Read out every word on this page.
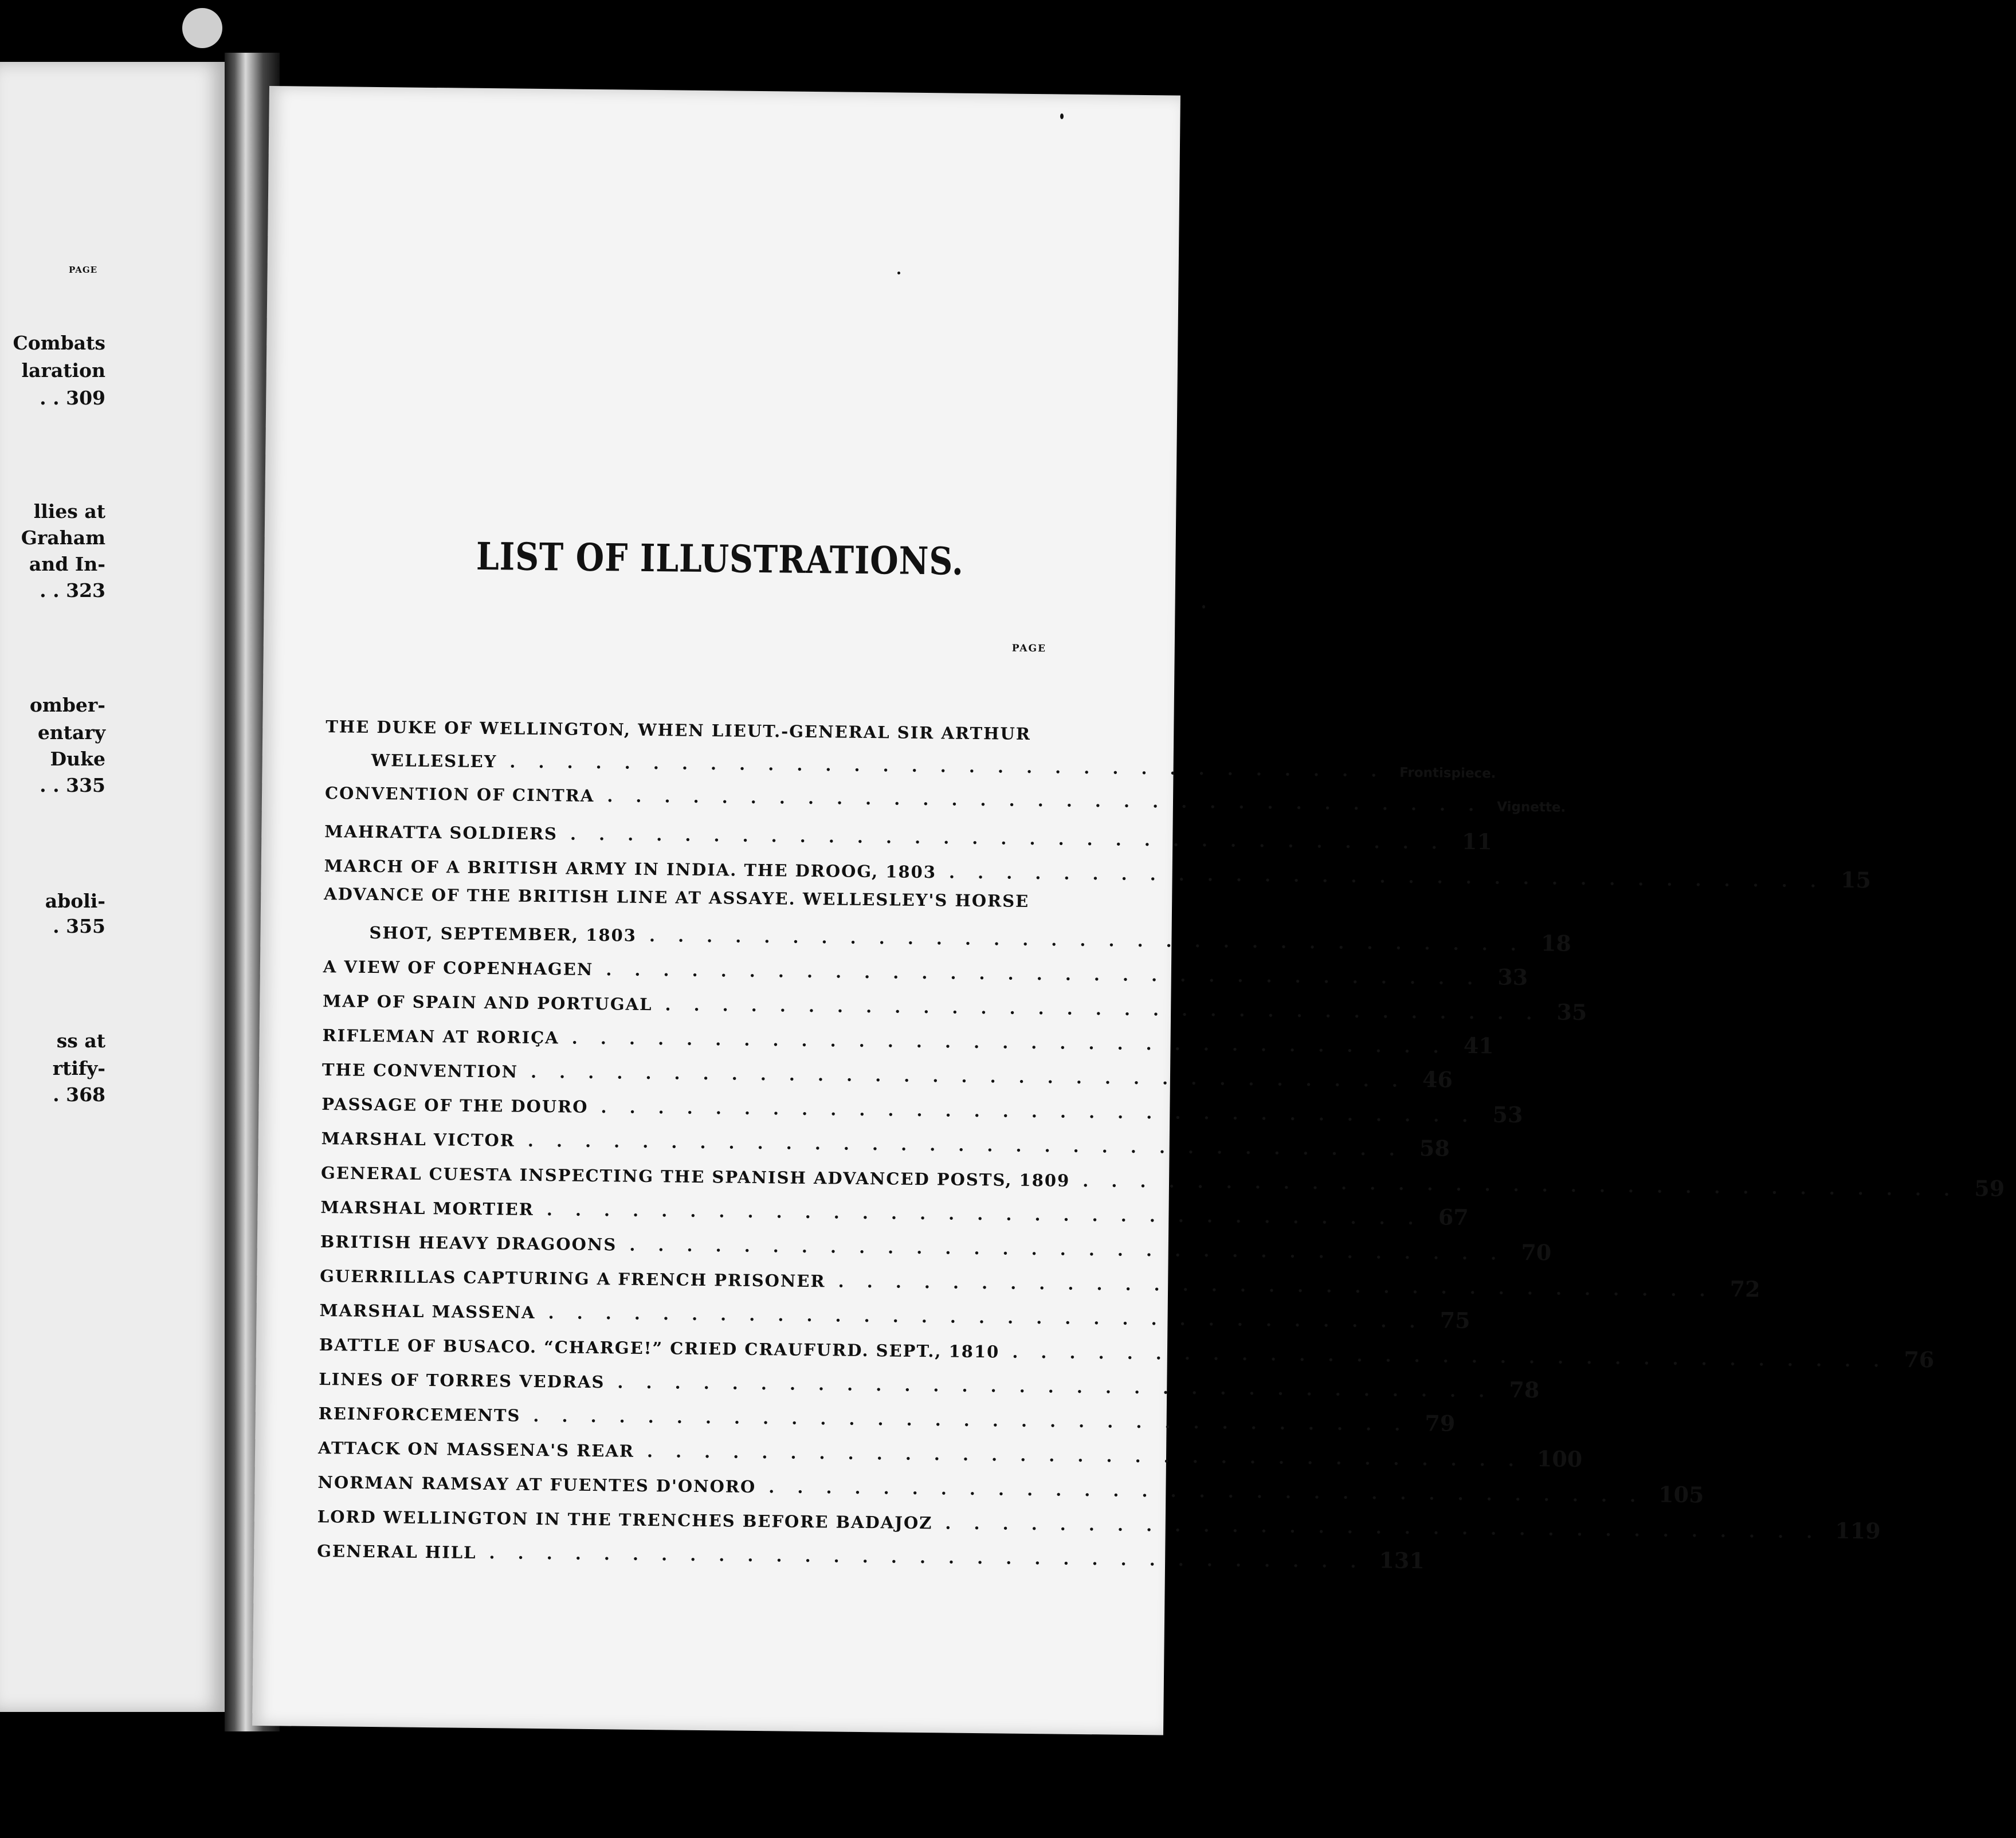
PAGE
Combats
laration
. . 309
llies at
Graham
and In-
. . 323
omber-
entary
Duke
. . 335
aboli-
. 355
ss at
rtify-
. 368
LIST OF ILLUSTRATIONS.
PAGE
THE DUKE OF WELLINGTON, WHEN LIEUT.-GENERAL SIR ARTHUR
WELLESLEY ............................... Frontispiece.
CONVENTION OF CINTRA ............................... Vignette.
MAHRATTA SOLDIERS ............................... 11
MARCH OF A BRITISH ARMY IN INDIA. THE DROOG, 1803 ............................... 15
ADVANCE OF THE BRITISH LINE AT ASSAYE. WELLESLEY'S HORSE
SHOT, SEPTEMBER, 1803 ............................... 18
A VIEW OF COPENHAGEN ............................... 33
MAP OF SPAIN AND PORTUGAL ............................... 35
RIFLEMAN AT RORIÇA ............................... 41
THE CONVENTION ............................... 46
PASSAGE OF THE DOURO ............................... 53
MARSHAL VICTOR ............................... 58
GENERAL CUESTA INSPECTING THE SPANISH ADVANCED POSTS, 1809 ............................... 59
MARSHAL MORTIER ............................... 67
BRITISH HEAVY DRAGOONS ............................... 70
GUERRILLAS CAPTURING A FRENCH PRISONER ............................... 72
MARSHAL MASSENA ............................... 75
BATTLE OF BUSACO. “CHARGE!” CRIED CRAUFURD. SEPT., 1810 ............................... 76
LINES OF TORRES VEDRAS ............................... 78
REINFORCEMENTS ............................... 79
ATTACK ON MASSENA'S REAR ............................... 100
NORMAN RAMSAY AT FUENTES D'ONORO ............................... 105
LORD WELLINGTON IN THE TRENCHES BEFORE BADAJOZ ............................... 119
GENERAL HILL ............................... 131
